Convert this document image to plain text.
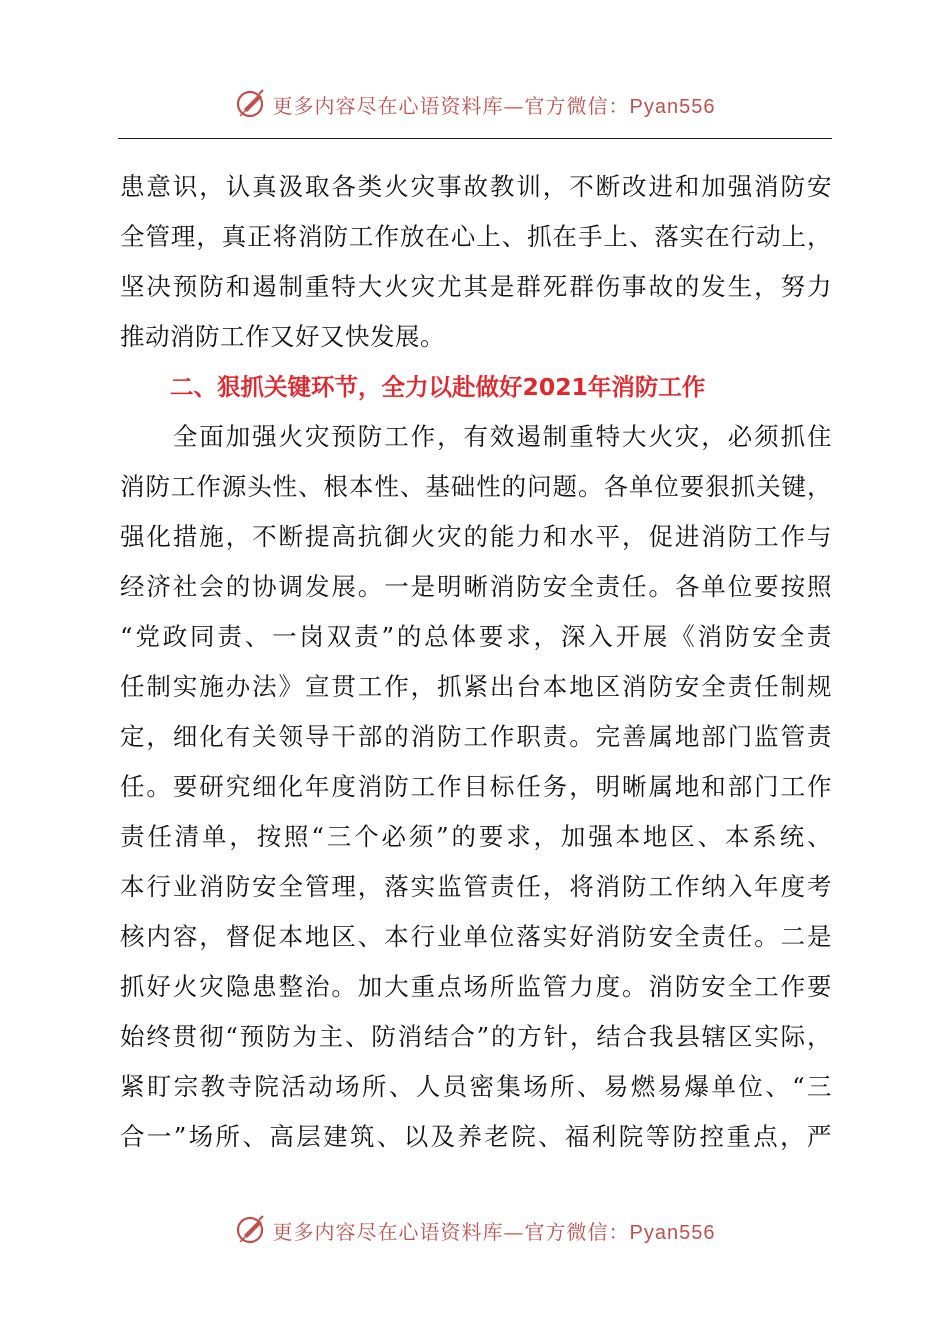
更多内容尽在心语资料库—官方微信：Pyan556
患意识，认真汲取各类火灾事故教训，不断改进和加强消防安
全管理，真正将消防工作放在心上、抓在手上、落实在行动上，
坚决预防和遏制重特大火灾尤其是群死群伤事故的发生，努力
推动消防工作又好又快发展。
二、狠抓关键环节，全力以赴做好2021年消防工作
　　全面加强火灾预防工作，有效遏制重特大火灾，必须抓住
消防工作源头性、根本性、基础性的问题。各单位要狠抓关键，
强化措施，不断提高抗御火灾的能力和水平，促进消防工作与
经济社会的协调发展。一是明晰消防安全责任。各单位要按照
“党政同责、一岗双责”的总体要求，深入开展《消防安全责
任制实施办法》宣贯工作，抓紧出台本地区消防安全责任制规
定，细化有关领导干部的消防工作职责。完善属地部门监管责
任。要研究细化年度消防工作目标任务，明晰属地和部门工作
责任清单，按照“三个必须”的要求，加强本地区、本系统、
本行业消防安全管理，落实监管责任，将消防工作纳入年度考
核内容，督促本地区、本行业单位落实好消防安全责任。二是
抓好火灾隐患整治。加大重点场所监管力度。消防安全工作要
始终贯彻“预防为主、防消结合”的方针，结合我县辖区实际，
紧盯宗教寺院活动场所、人员密集场所、易燃易爆单位、“三
合一”场所、高层建筑、以及养老院、福利院等防控重点，严
更多内容尽在心语资料库—官方微信：Pyan556
